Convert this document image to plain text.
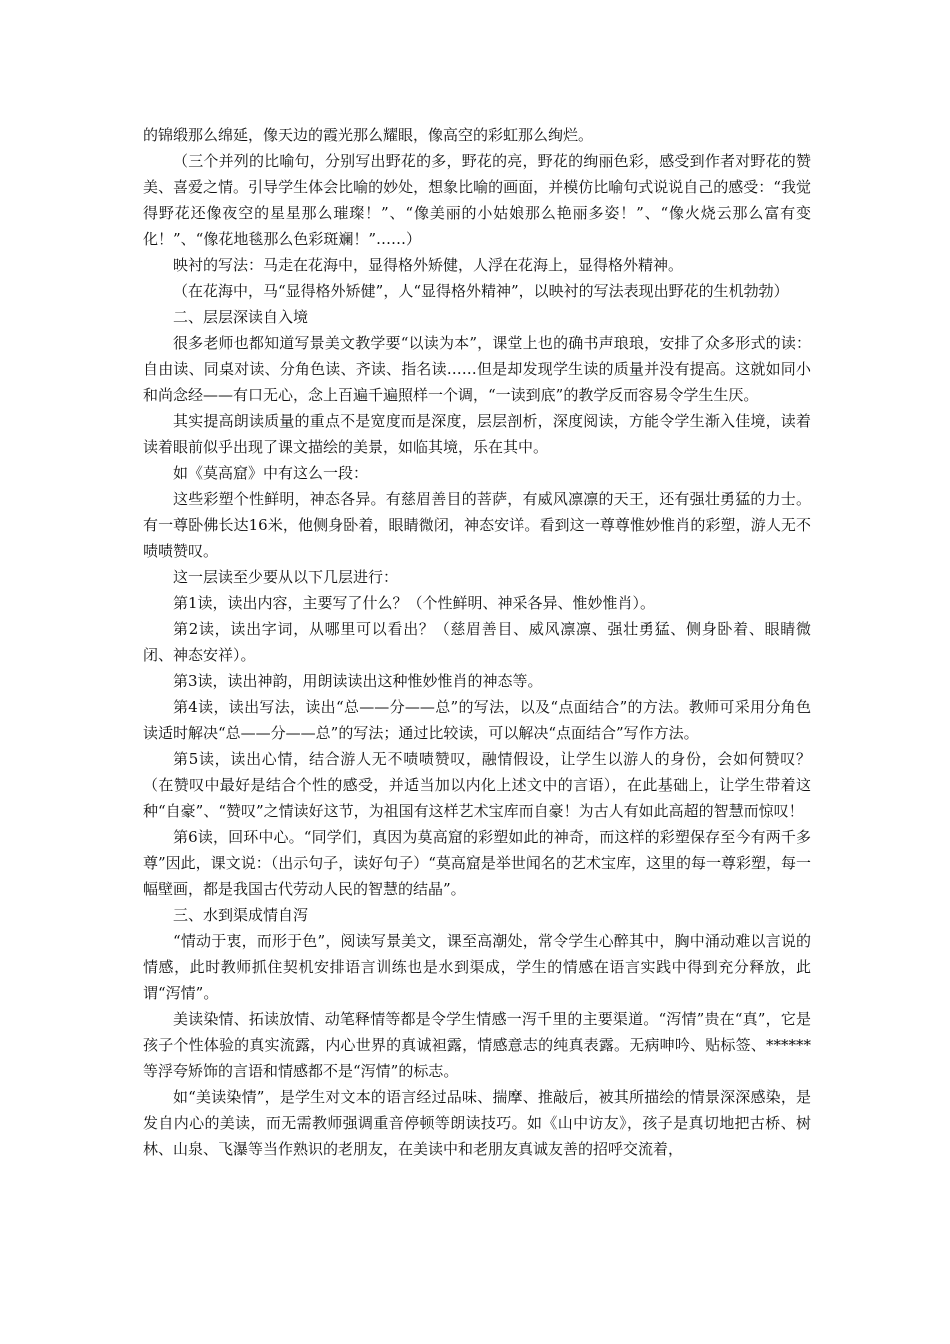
的锦缎那么绵延，像天边的霞光那么耀眼，像高空的彩虹那么绚烂。

（三个并列的比喻句，分别写出野花的多，野花的亮，野花的绚丽色彩，感受到作者对野花的赞美、喜爱之情。引导学生体会比喻的妙处，想象比喻的画面，并模仿比喻句式说说自己的感受：“我觉得野花还像夜空的星星那么璀璨！”、“像美丽的小姑娘那么艳丽多姿！”、“像火烧云那么富有变化！”、“像花地毯那么色彩斑斓！”……）

映衬的写法：马走在花海中，显得格外矫健，人浮在花海上，显得格外精神。

（在花海中，马“显得格外矫健”，人“显得格外精神”，以映衬的写法表现出野花的生机勃勃）

二、层层深读自入境

很多老师也都知道写景美文教学要“以读为本”，课堂上也的确书声琅琅，安排了众多形式的读：自由读、同桌对读、分角色读、齐读、指名读……但是却发现学生读的质量并没有提高。这就如同小和尚念经——有口无心，念上百遍千遍照样一个调，“一读到底”的教学反而容易令学生生厌。

其实提高朗读质量的重点不是宽度而是深度，层层剖析，深度阅读，方能令学生渐入佳境，读着读着眼前似乎出现了课文描绘的美景，如临其境，乐在其中。

如《莫高窟》中有这么一段：

这些彩塑个性鲜明，神态各异。有慈眉善目的菩萨，有威风凛凛的天王，还有强壮勇猛的力士。有一尊卧佛长达16米，他侧身卧着，眼睛微闭，神态安详。看到这一尊尊惟妙惟肖的彩塑，游人无不啧啧赞叹。

这一层读至少要从以下几层进行：

第1读，读出内容，主要写了什么？（个性鲜明、神采各异、惟妙惟肖）。

第2读，读出字词，从哪里可以看出？（慈眉善目、威风凛凛、强壮勇猛、侧身卧着、眼睛微闭、神态安祥）。

第3读，读出神韵，用朗读读出这种惟妙惟肖的神态等。

第4读，读出写法，读出“总——分——总”的写法，以及“点面结合”的方法。教师可采用分角色读适时解决“总——分——总”的写法；通过比较读，可以解决“点面结合”写作方法。

第5读，读出心情，结合游人无不啧啧赞叹，融情假设，让学生以游人的身份，会如何赞叹？（在赞叹中最好是结合个性的感受，并适当加以内化上述文中的言语），在此基础上，让学生带着这种“自豪”、“赞叹”之情读好这节，为祖国有这样艺术宝库而自豪！为古人有如此高超的智慧而惊叹！

第6读，回环中心。“同学们，真因为莫高窟的彩塑如此的神奇，而这样的彩塑保存至今有两千多尊”因此，课文说：（出示句子，读好句子）“莫高窟是举世闻名的艺术宝库，这里的每一尊彩塑，每一幅壁画，都是我国古代劳动人民的智慧的结晶”。

三、水到渠成情自泻

“情动于衷，而形于色”，阅读写景美文，课至高潮处，常令学生心醉其中，胸中涌动难以言说的情感，此时教师抓住契机安排语言训练也是水到渠成，学生的情感在语言实践中得到充分释放，此谓“泻情”。

美读染情、拓读放情、动笔释情等都是令学生情感一泻千里的主要渠道。“泻情”贵在“真”，它是孩子个性体验的真实流露，内心世界的真诚袒露，情感意志的纯真表露。无病呻吟、贴标签、******等浮夸矫饰的言语和情感都不是“泻情”的标志。

如“美读染情”，是学生对文本的语言经过品味、揣摩、推敲后，被其所描绘的情景深深感染，是发自内心的美读，而无需教师强调重音停顿等朗读技巧。如《山中访友》，孩子是真切地把古桥、树林、山泉、飞瀑等当作熟识的老朋友，在美读中和老朋友真诚友善的招呼交流着，
